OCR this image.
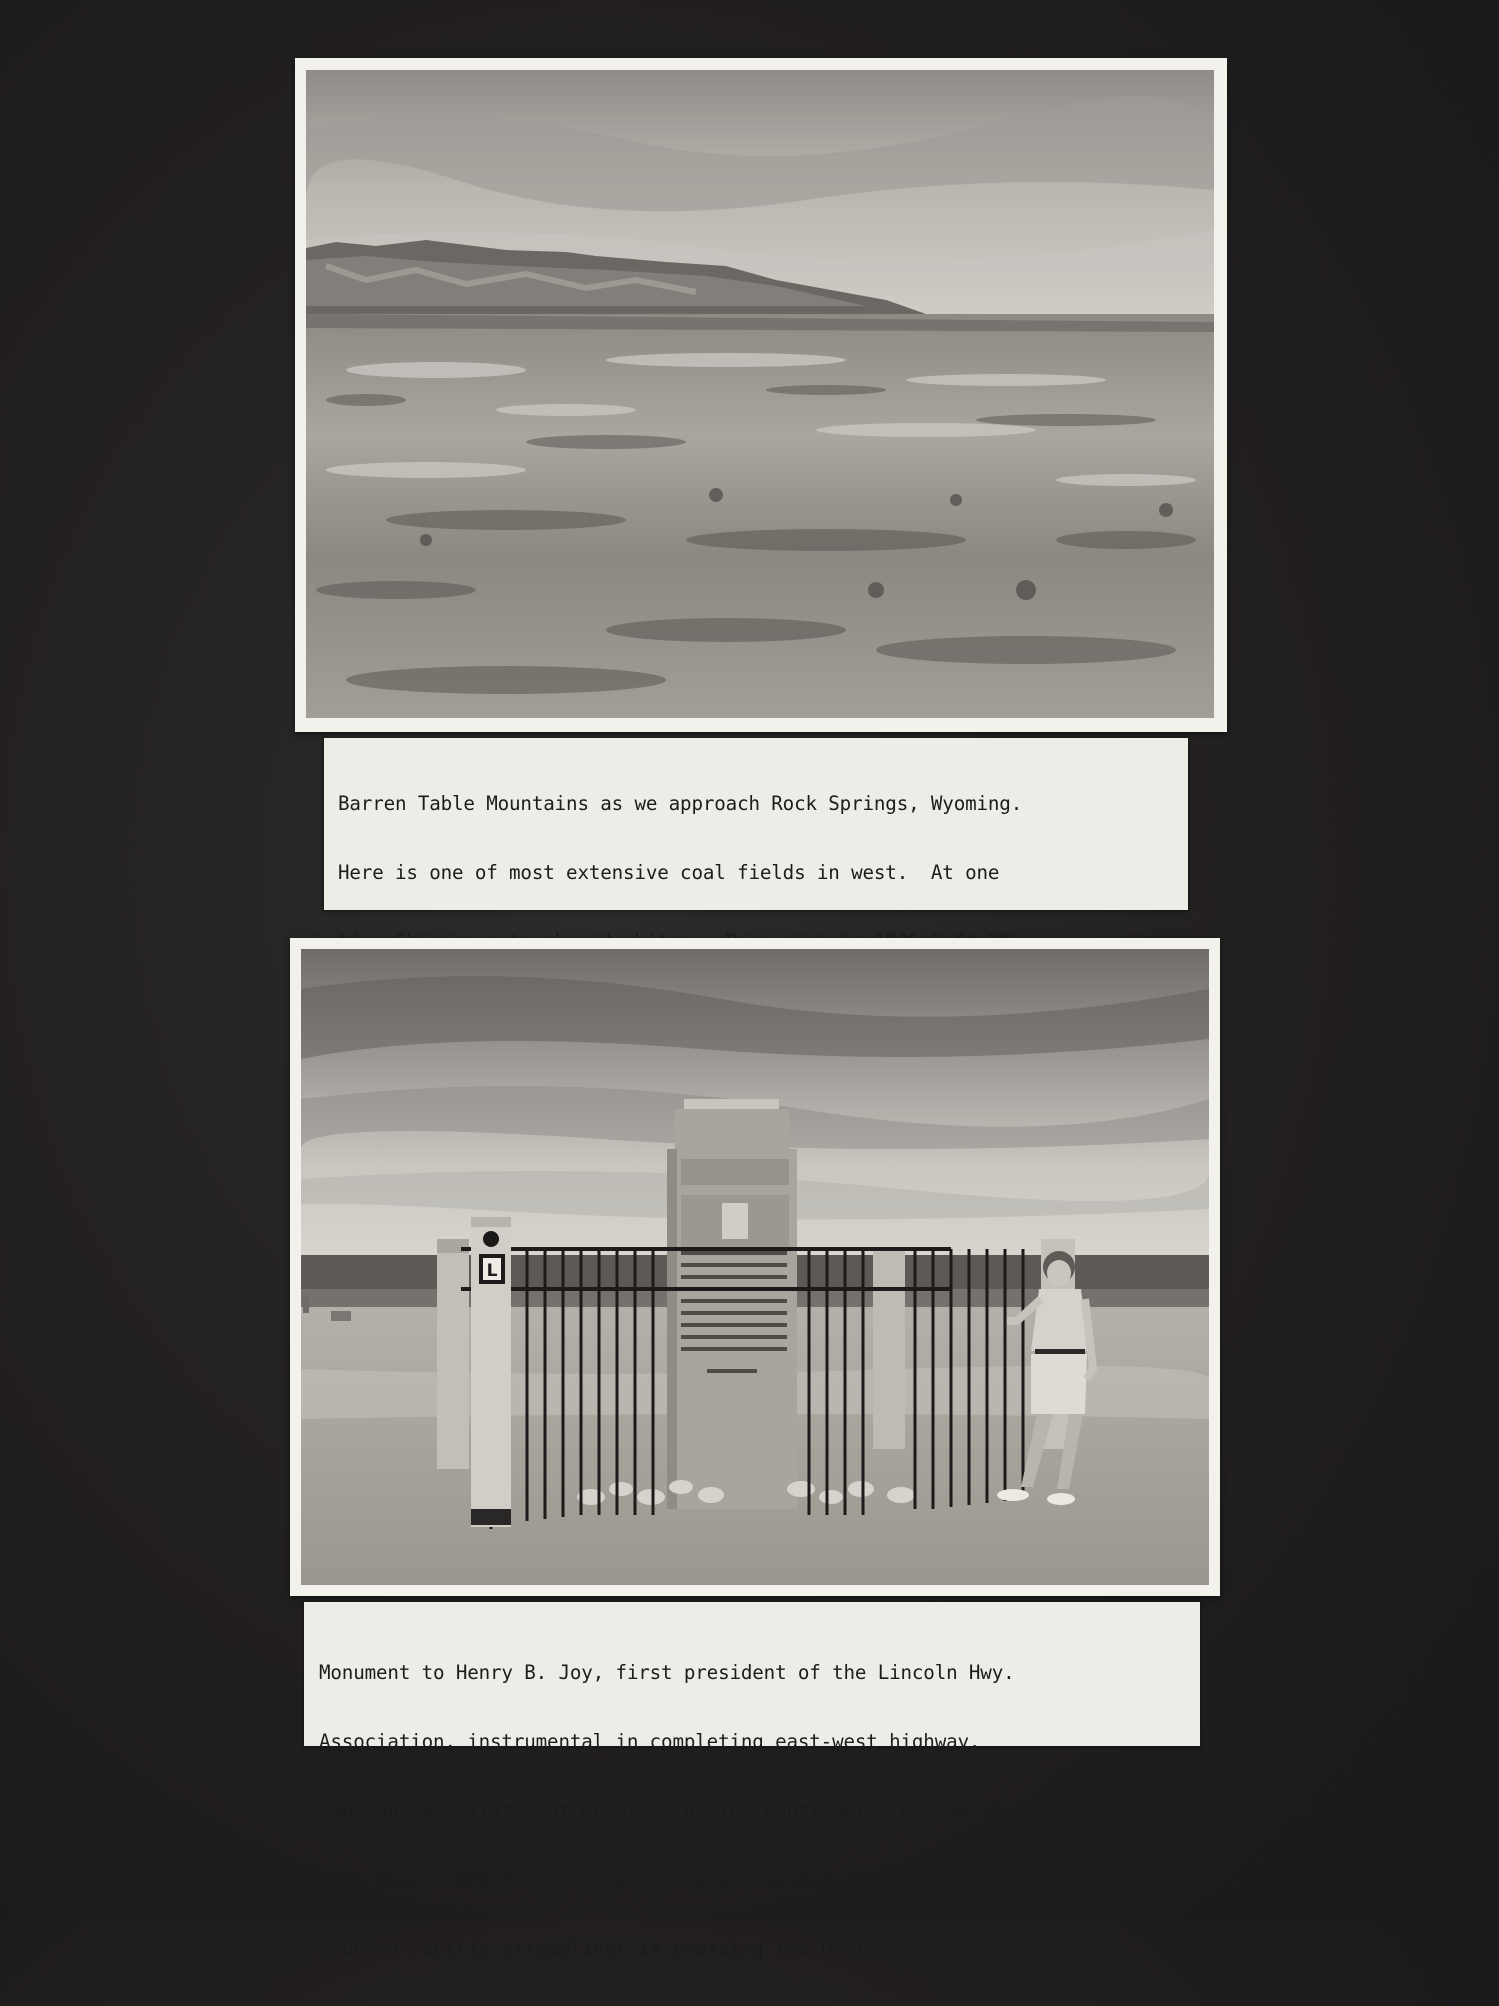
Barren Table Mountains as we approach Rock Springs, Wyoming.

Here is one of most extensive coal fields in west.  At one

L

Monument to Henry B. Joy, first president of the Lincoln Hwy.

Association, instrumental in completing east-west highway.

Land appears flat, but we are crossing Continental Divide at

more than 7,000 feet. In far distance, beyond range of camera,

a Union Pacific streamliner is crossing the Divide.
